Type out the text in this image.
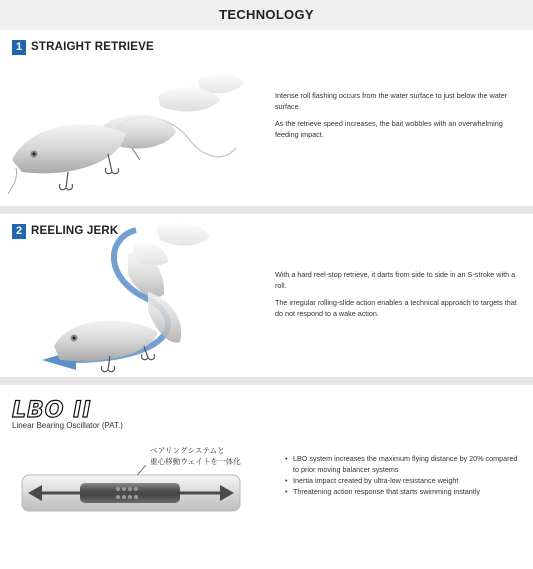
TECHNOLOGY
1 STRAIGHT RETRIEVE

Intense roll flashing occurs from the water surface to just below the water surface.

As the retrieve speed increases, the bait wobbles with an overwhelming feeding impact.

2 REELING JERK

With a hard reel-stop retrieve, it darts from side to side in an S-stroke with a roll.

The irregular rolling-slide action enables a technical approach to targets that do not respond to a wake action.

LBO II
Linear Bearing Oscillator (PAT.)
ベアリングシステムと
重心移動ウェイトを一体化	• LBO system increases the maximum flying distance by 20% compared to prior moving balancer systems
• Inertia impact created by ultra-low resistance weight
• Threatening action response that starts swimming instantly
